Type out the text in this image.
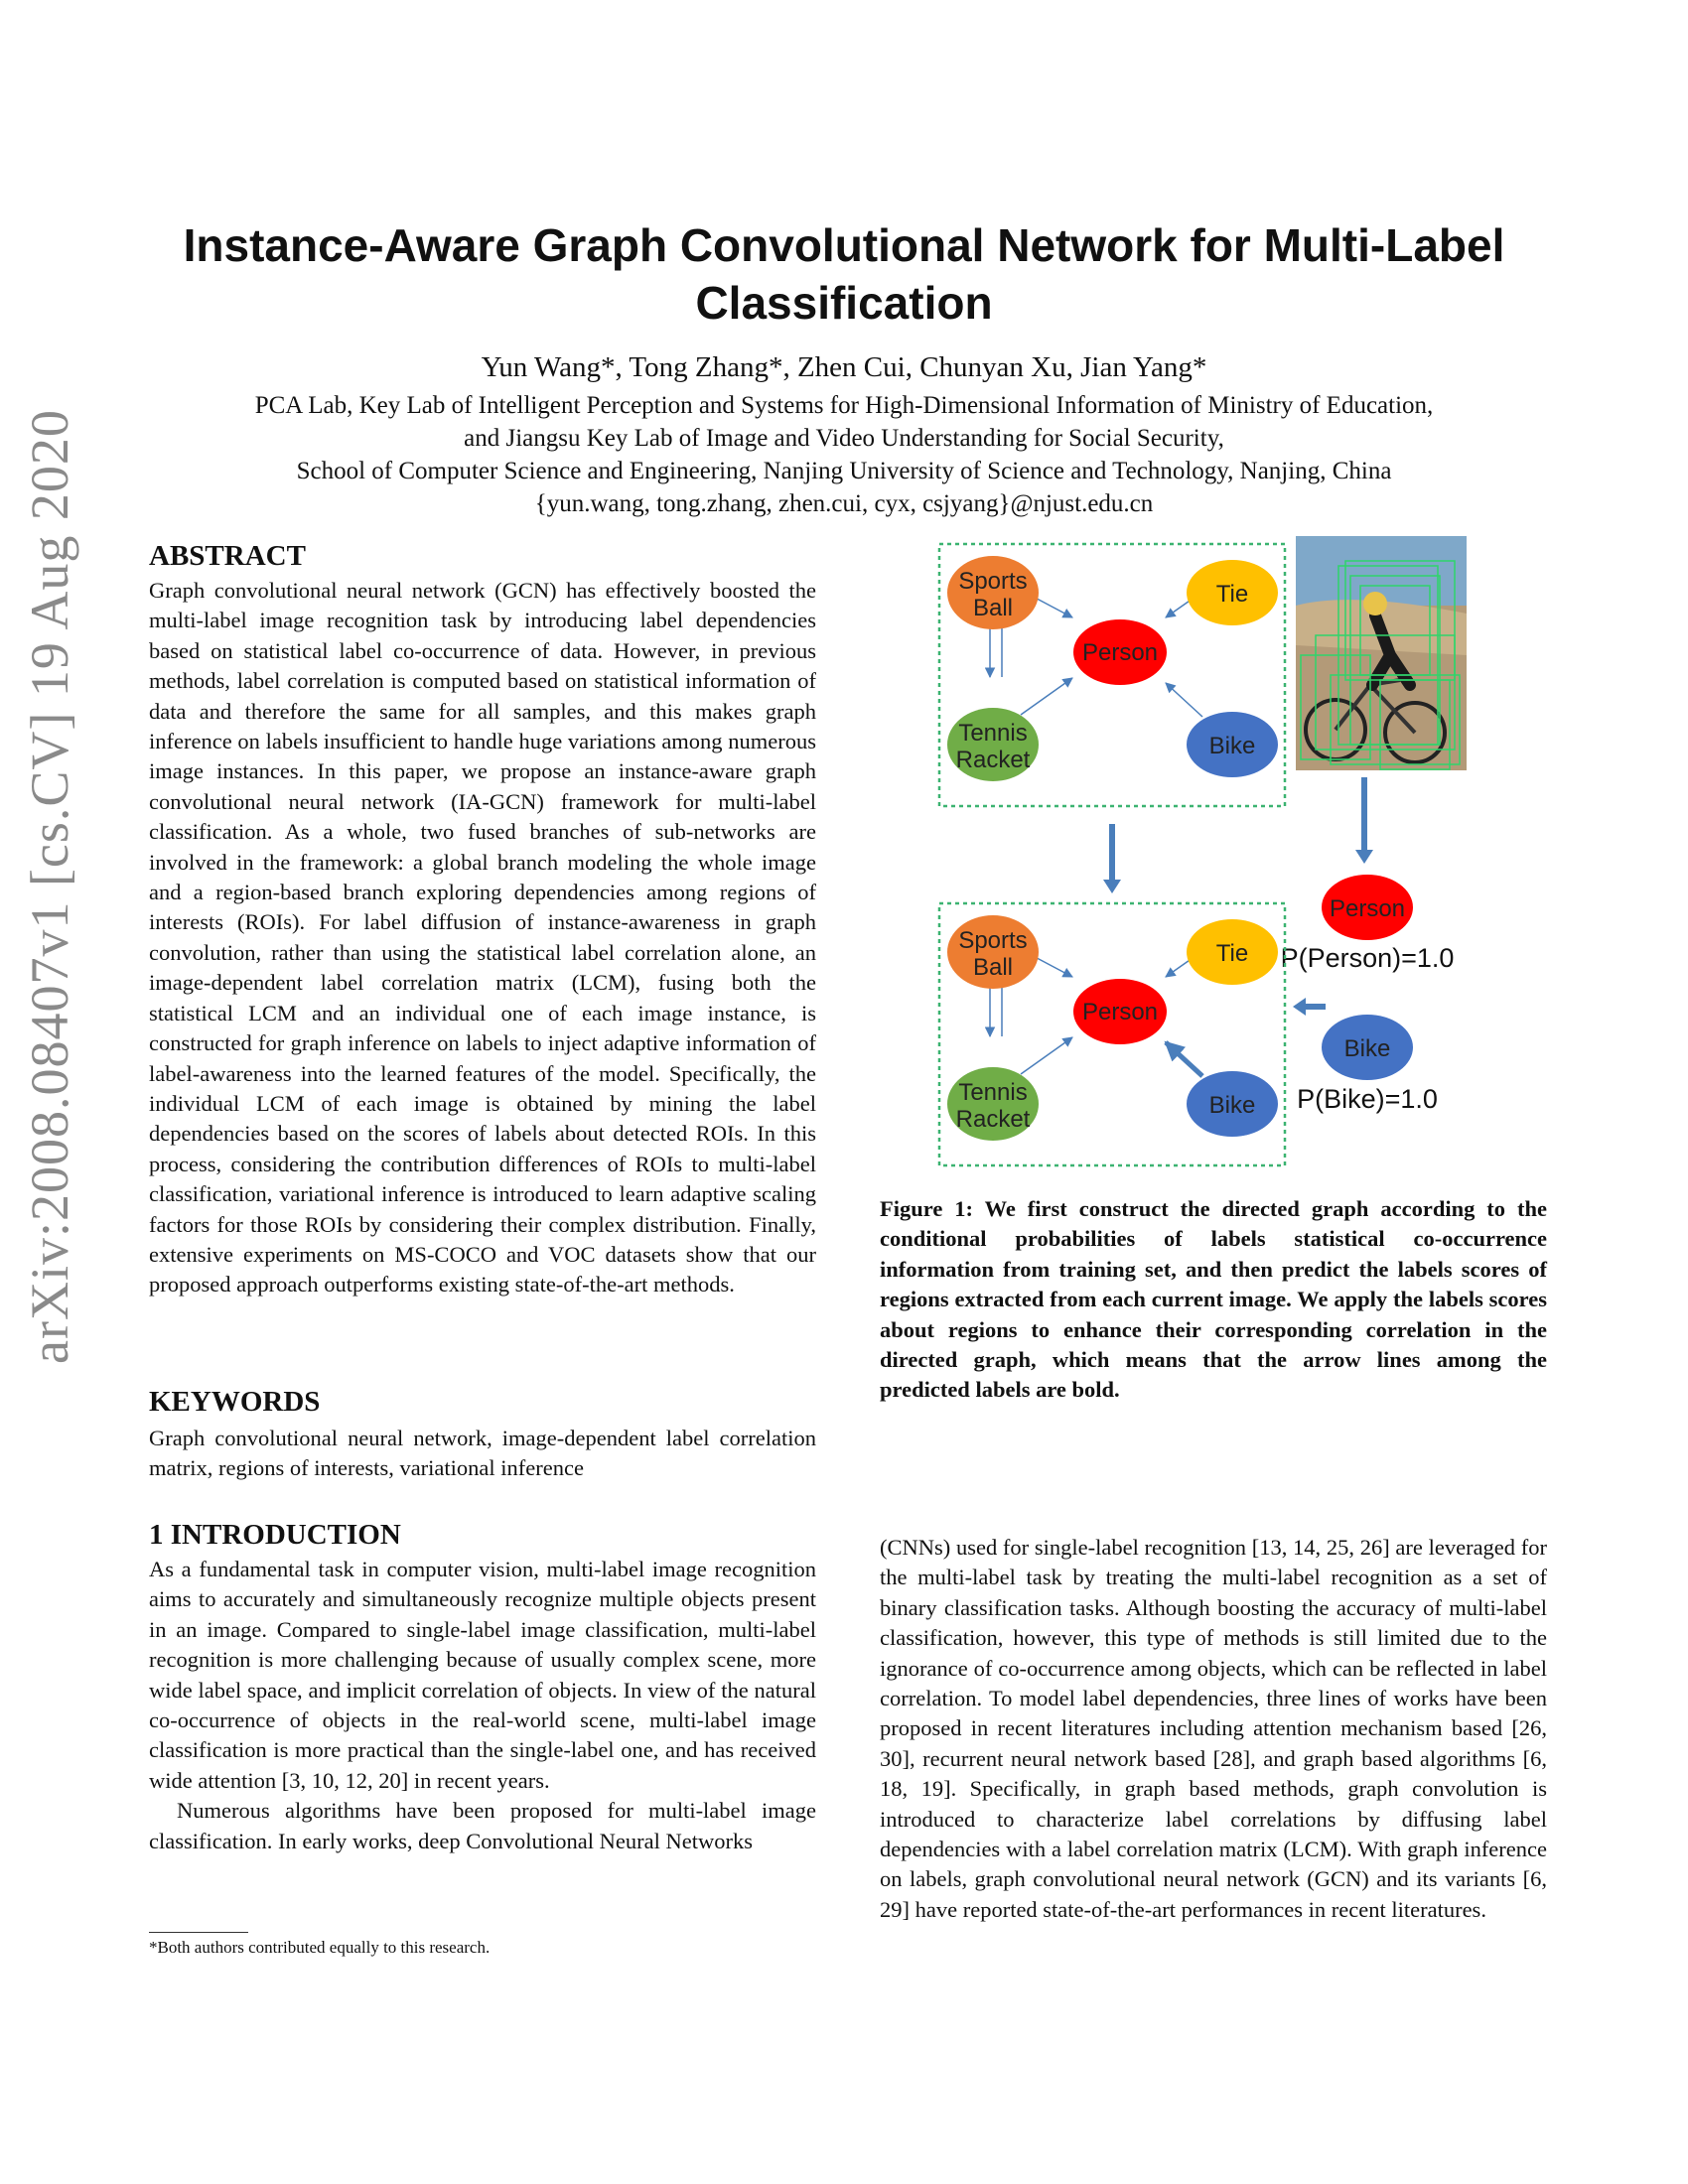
arXiv:2008.08407v1 [cs.CV] 19 Aug 2020
Instance-Aware Graph Convolutional Network for Multi-Label Classification
Yun Wang*, Tong Zhang*, Zhen Cui, Chunyan Xu, Jian Yang*
PCA Lab, Key Lab of Intelligent Perception and Systems for High-Dimensional Information of Ministry of Education,
and Jiangsu Key Lab of Image and Video Understanding for Social Security,
School of Computer Science and Engineering, Nanjing University of Science and Technology, Nanjing, China
{yun.wang, tong.zhang, zhen.cui, cyx, csjyang}@njust.edu.cn
ABSTRACT
Graph convolutional neural network (GCN) has effectively boosted the multi-label image recognition task by introducing label dependencies based on statistical label co-occurrence of data. However, in previous methods, label correlation is computed based on statistical information of data and therefore the same for all samples, and this makes graph inference on labels insufficient to handle huge variations among numerous image instances. In this paper, we propose an instance-aware graph convolutional neural network (IA-GCN) framework for multi-label classification. As a whole, two fused branches of sub-networks are involved in the framework: a global branch modeling the whole image and a region-based branch exploring dependencies among regions of interests (ROIs). For label diffusion of instance-awareness in graph convolution, rather than using the statistical label correlation alone, an image-dependent label correlation matrix (LCM), fusing both the statistical LCM and an individual one of each image instance, is constructed for graph inference on labels to inject adaptive information of label-awareness into the learned features of the model. Specifically, the individual LCM of each image is obtained by mining the label dependencies based on the scores of labels about detected ROIs. In this process, considering the contribution differences of ROIs to multi-label classification, variational inference is introduced to learn adaptive scaling factors for those ROIs by considering their complex distribution. Finally, extensive experiments on MS-COCO and VOC datasets show that our proposed approach outperforms existing state-of-the-art methods.
KEYWORDS
Graph convolutional neural network, image-dependent label correlation matrix, regions of interests, variational inference
1 INTRODUCTION

As a fundamental task in computer vision, multi-label image recognition aims to accurately and simultaneously recognize multiple objects present in an image. Compared to single-label image classification, multi-label recognition is more challenging because of usually complex scene, more wide label space, and implicit correlation of objects. In view of the natural co-occurrence of objects in the real-world scene, multi-label image classification is more practical than the single-label one, and has received wide attention [3, 10, 12, 20] in recent years.

Numerous algorithms have been proposed for multi-label image classification. In early works, deep Convolutional Neural Networks

*Both authors contributed equally to this research.
(CNNs) used for single-label recognition [13, 14, 25, 26] are leveraged for the multi-label task by treating the multi-label recognition as a set of binary classification tasks. Although boosting the accuracy of multi-label classification, however, this type of methods is still limited due to the ignorance of co-occurrence among objects, which can be reflected in label correlation. To model label dependencies, three lines of works have been proposed in recent literatures including attention mechanism based [26, 30], recurrent neural network based [28], and graph based algorithms [6, 18, 19]. Specifically, in graph based methods, graph convolution is introduced to characterize label correlations by diffusing label dependencies with a label correlation matrix (LCM). With graph inference on labels, graph convolutional neural network (GCN) and its variants [6, 29] have reported state-of-the-art performances in recent literatures.
Sports
Ball
Tie
Person
Tennis
Racket
Bike
Person
P(Person)=1.0
Bike
P(Bike)=1.0
Sports
Ball
Tie
Person
Tennis
Racket
Bike
Figure 1: We first construct the directed graph according to the conditional probabilities of labels statistical co-occurrence information from training set, and then predict the labels scores of regions extracted from each current image. We apply the labels scores about regions to enhance their corresponding correlation in the directed graph, which means that the arrow lines among the predicted labels are bold.
